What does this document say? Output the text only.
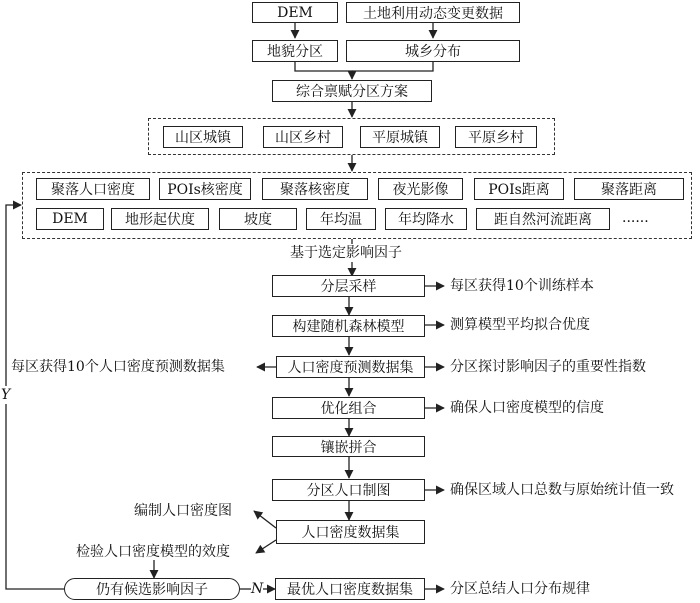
DEM	土地利用动态变更数据
地貌分区	城乡分布
综合禀赋分区方案
山区城镇	山区乡村	平原城镇	平原乡村
聚落人口密度	POIs核密度	聚落核密度	夜光影像	POIs距离	聚落距离
DEM	地形起伏度	坡度	年均温	年均降水	距自然河流距离	......
基于选定影响因子
分层采样
构建随机森林模型
人口密度预测数据集
优化组合
镶嵌拼合
分区人口制图
人口密度数据集
仍有候选影响因子	最优人口密度数据集
每区获得10个训练样本
测算模型平均拟合优度
分区探讨影响因子的重要性指数
确保人口密度模型的信度
确保区域人口总数与原始统计值一致
分区总结人口分布规律
每区获得10个人口密度预测数据集
编制人口密度图
检验人口密度模型的效度
Y
N
